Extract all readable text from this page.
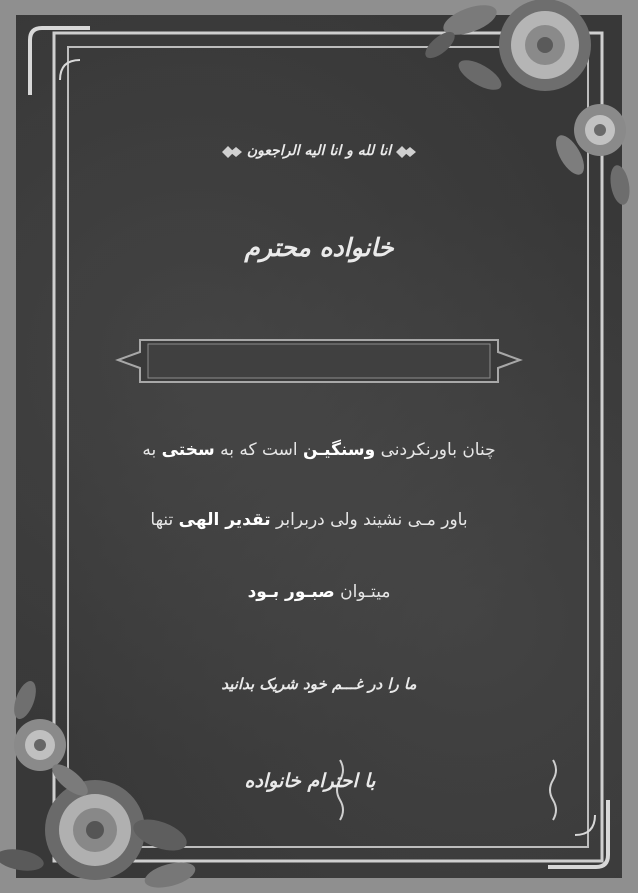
انا لله و انا الیه الراجعون
خانواده محترم
چنان باورنکردنی وسنگیـن است که به سختی به
باور مـی نشیند ولی دربرابر تقدیر الهی تنها
میتـوان صبـور بـود
ما را در غـــم خود شریک بدانید
با احترام خانواده
